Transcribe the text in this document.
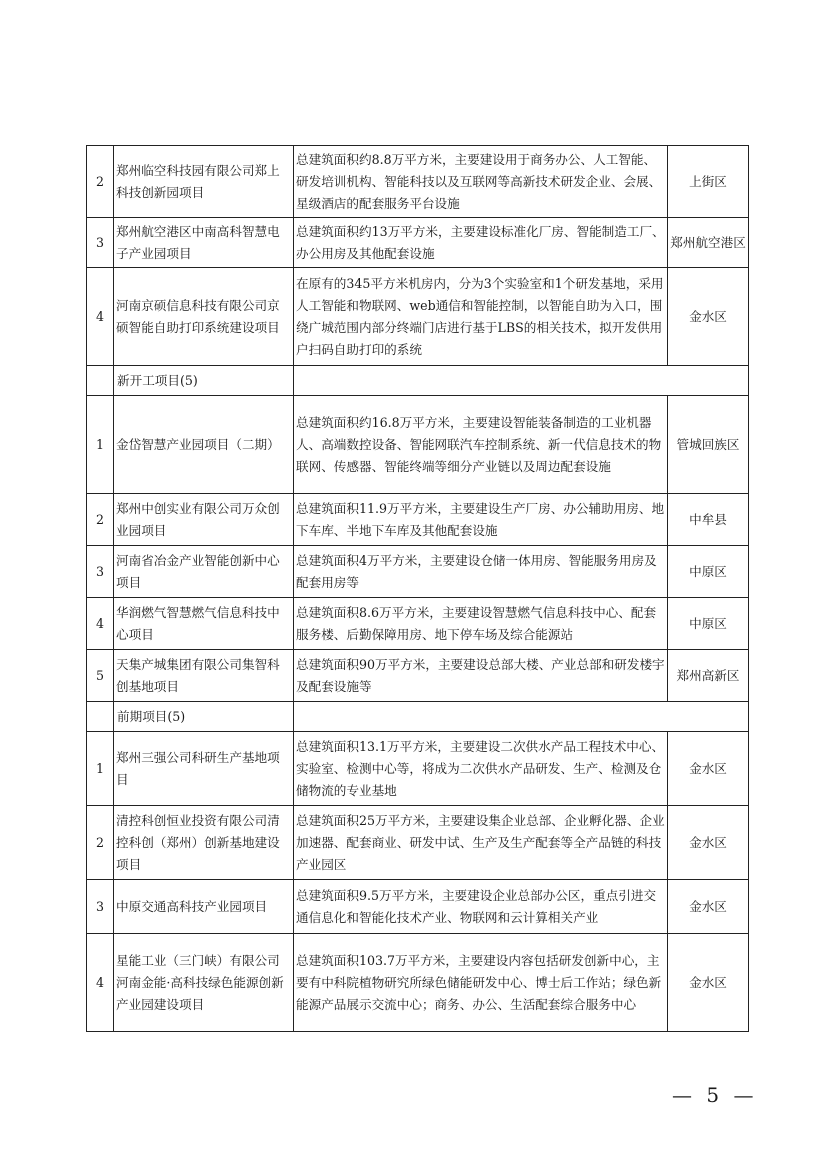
2	郑州临空科技园有限公司郑上科技创新园项目	总建筑面积约8.8万平方米，主要建设用于商务办公、人工智能、研发培训机构、智能科技以及互联网等高新技术研发企业、会展、星级酒店的配套服务平台设施	上街区
3	郑州航空港区中南高科智慧电子产业园项目	总建筑面积约13万平方米，主要建设标准化厂房、智能制造工厂、办公用房及其他配套设施	郑州航空港区
4	河南京硕信息科技有限公司京硕智能自助打印系统建设项目	在原有的345平方米机房内，分为3个实验室和1个研发基地，采用人工智能和物联网、web通信和智能控制，以智能自助为入口，围绕广城范围内部分终端门店进行基于LBS的相关技术，拟开发供用户扫码自助打印的系统	金水区
	新开工项目(5)		
1	金岱智慧产业园项目（二期）	总建筑面积约16.8万平方米，主要建设智能装备制造的工业机器人、高端数控设备、智能网联汽车控制系统、新一代信息技术的物联网、传感器、智能终端等细分产业链以及周边配套设施	管城回族区
2	郑州中创实业有限公司万众创业园项目	总建筑面积11.9万平方米，主要建设生产厂房、办公辅助用房、地下车库、半地下车库及其他配套设施	中牟县
3	河南省冶金产业智能创新中心项目	总建筑面积4万平方米，主要建设仓储一体用房、智能服务用房及配套用房等	中原区
4	华润燃气智慧燃气信息科技中心项目	总建筑面积8.6万平方米，主要建设智慧燃气信息科技中心、配套服务楼、后勤保障用房、地下停车场及综合能源站	中原区
5	天集产城集团有限公司集智科创基地项目	总建筑面积90万平方米，主要建设总部大楼、产业总部和研发楼宇及配套设施等	郑州高新区
	前期项目(5)		
1	郑州三强公司科研生产基地项目	总建筑面积13.1万平方米，主要建设二次供水产品工程技术中心、实验室、检测中心等，将成为二次供水产品研发、生产、检测及仓储物流的专业基地	金水区
2	清控科创恒业投资有限公司清控科创（郑州）创新基地建设项目	总建筑面积25万平方米，主要建设集企业总部、企业孵化器、企业加速器、配套商业、研发中试、生产及生产配套等全产品链的科技产业园区	金水区
3	中原交通高科技产业园项目	总建筑面积9.5万平方米，主要建设企业总部办公区，重点引进交通信息化和智能化技术产业、物联网和云计算相关产业	金水区
4	星能工业（三门峡）有限公司河南金能·高科技绿色能源创新产业园建设项目	总建筑面积103.7万平方米，主要建设内容包括研发创新中心，主要有中科院植物研究所绿色储能研发中心、博士后工作站；绿色新能源产品展示交流中心；商务、办公、生活配套综合服务中心	金水区
— 5 —
